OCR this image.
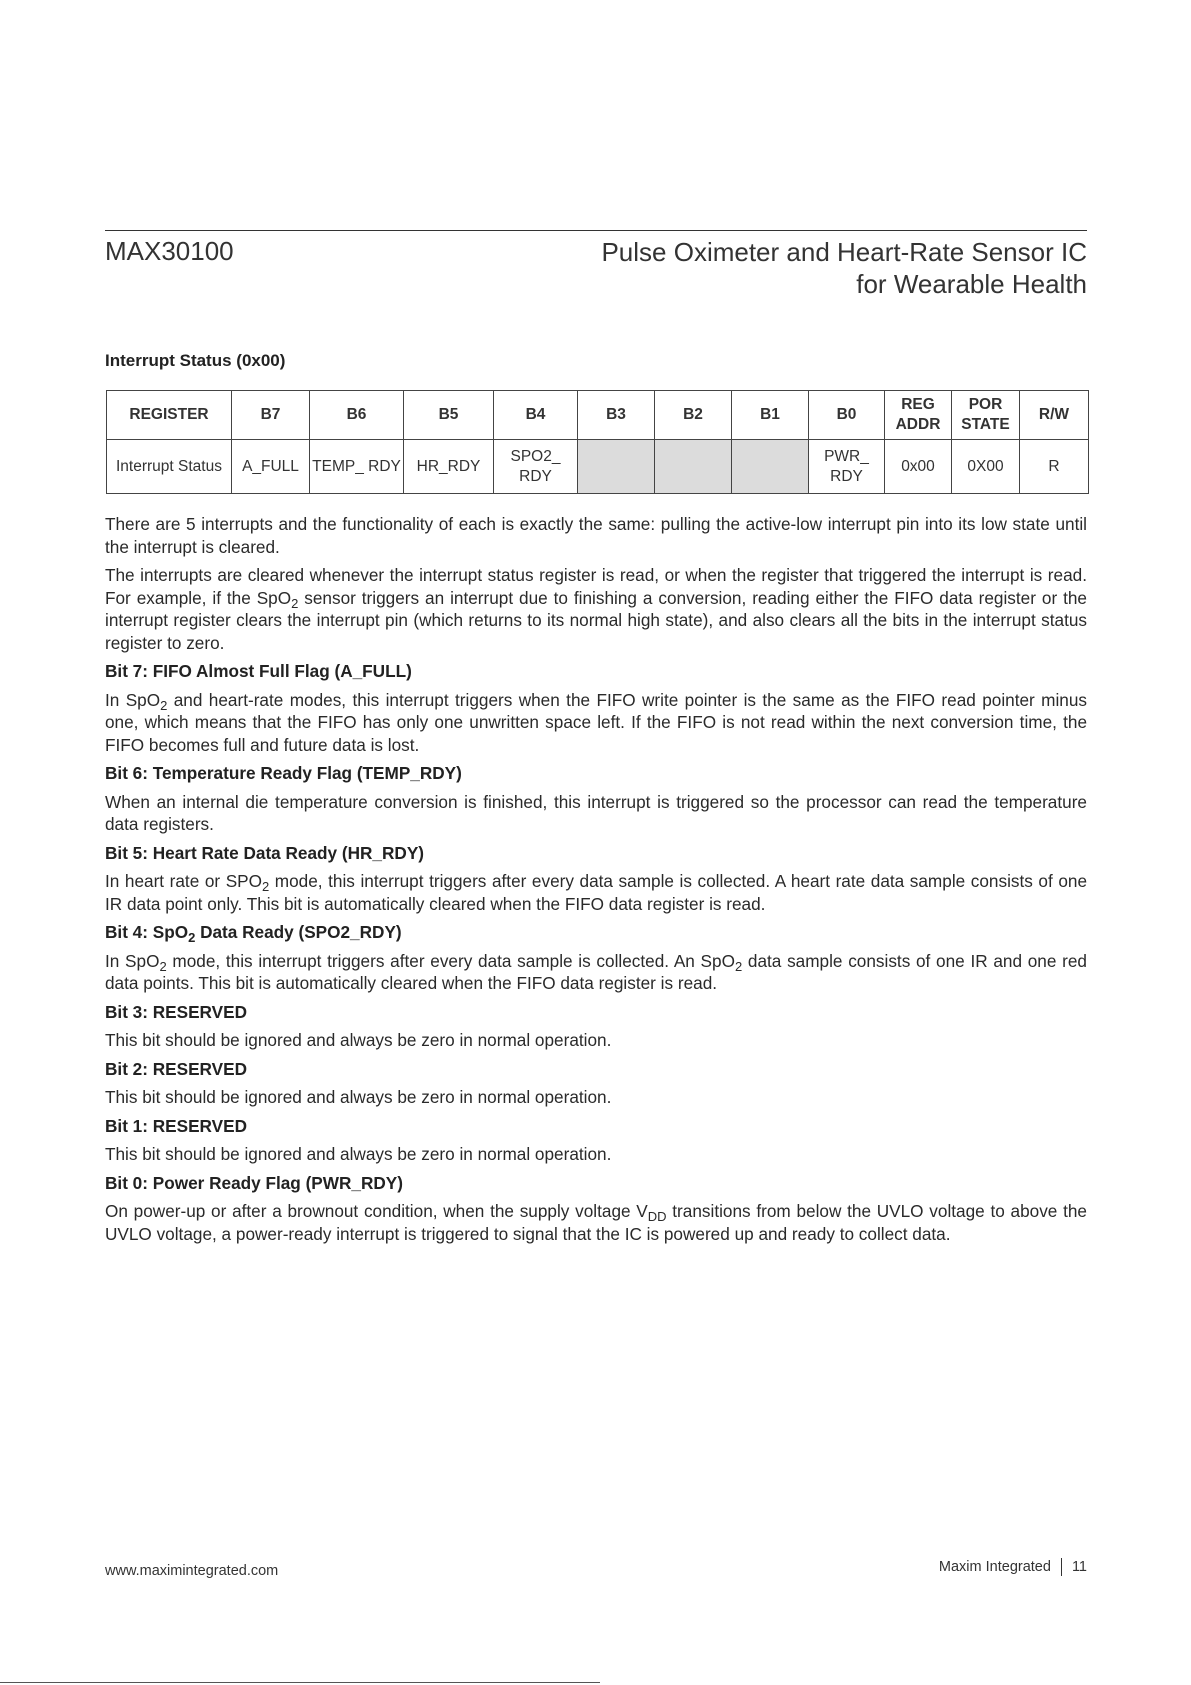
MAX30100	Pulse Oximeter and Heart-Rate Sensor IC
for Wearable Health
Interrupt Status (0x00)
REGISTER	B7	B6	B5	B4	B3	B2	B1	B0	REG ADDR	POR STATE	R/W
Interrupt Status	A_FULL	TEMP_ RDY	HR_RDY	SPO2_ RDY				PWR_ RDY	0x00	0X00	R

There are 5 interrupts and the functionality of each is exactly the same: pulling the active-low interrupt pin into its low state until the interrupt is cleared.

The interrupts are cleared whenever the interrupt status register is read, or when the register that triggered the interrupt is read. For example, if the SpO$_2$ sensor triggers an interrupt due to finishing a conversion, reading either the FIFO data register or the interrupt register clears the interrupt pin (which returns to its normal high state), and also clears all the bits in the interrupt status register to zero.

Bit 7: FIFO Almost Full Flag (A_FULL)

In SpO$_2$ and heart-rate modes, this interrupt triggers when the FIFO write pointer is the same as the FIFO read pointer minus one, which means that the FIFO has only one unwritten space left. If the FIFO is not read within the next conversion time, the FIFO becomes full and future data is lost.

Bit 6: Temperature Ready Flag (TEMP_RDY)

When an internal die temperature conversion is finished, this interrupt is triggered so the processor can read the temperature data registers.

Bit 5: Heart Rate Data Ready (HR_RDY)

In heart rate or $SPO_2$ mode, this interrupt triggers after every data sample is collected. A heart rate data sample consists of one IR data point only. This bit is automatically cleared when the FIFO data register is read.

Bit 4: SpO$_2$ Data Ready (SPO2_RDY)

In SpO$_2$ mode, this interrupt triggers after every data sample is collected. An SpO$_2$ data sample consists of one IR and one red data points. This bit is automatically cleared when the FIFO data register is read.

Bit 3: RESERVED

This bit should be ignored and always be zero in normal operation.

Bit 2: RESERVED

This bit should be ignored and always be zero in normal operation.

Bit 1: RESERVED

This bit should be ignored and always be zero in normal operation.

Bit 0: Power Ready Flag (PWR_RDY)

On power-up or after a brownout condition, when the supply voltage $V_{DD}$ transitions from below the UVLO voltage to above the UVLO voltage, a power-ready interrupt is triggered to signal that the IC is powered up and ready to collect data.

www.maximintegrated.com	Maxim Integrated 11
